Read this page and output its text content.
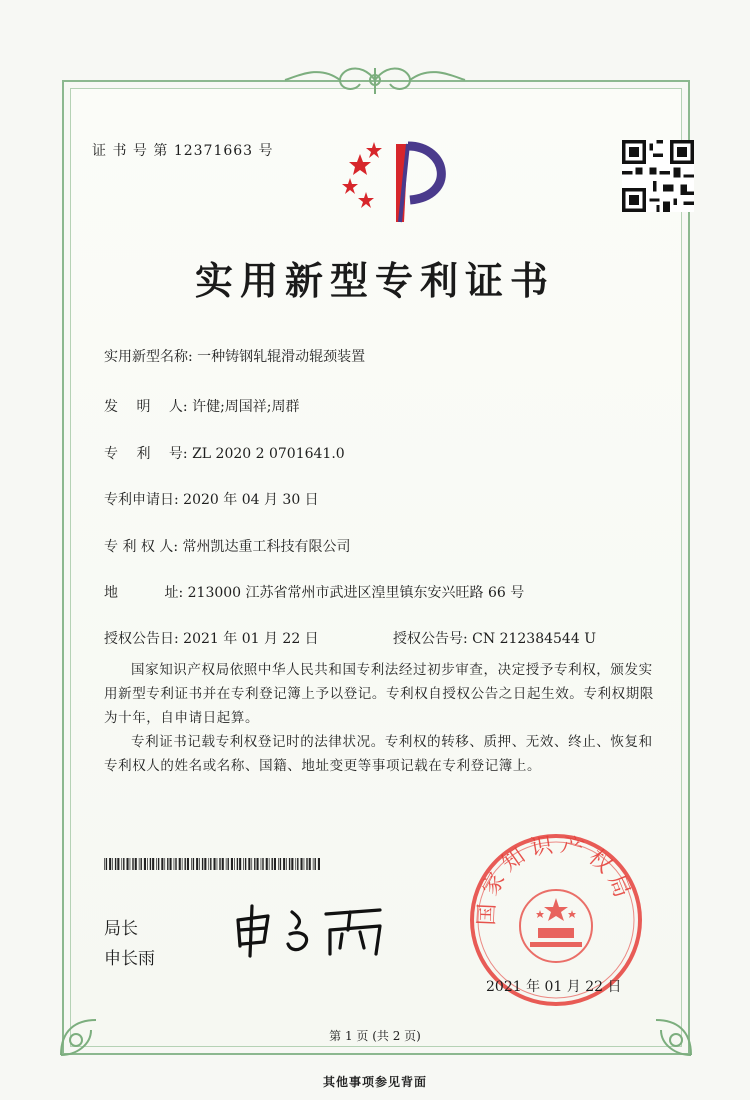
证 书 号 第 12371663 号
实用新型专利证书
实用新型名称: 一种铸钢轧辊滑动辊颈装置
发　 明　 人: 许健;周国祥;周群
专　 利　 号: ZL 2020 2 0701641.0
专利申请日: 2020 年 04 月 30 日
专 利 权 人: 常州凯达重工科技有限公司
地　　　 址: 213000 江苏省常州市武进区湟里镇东安兴旺路 66 号
授权公告日: 2021 年 01 月 22 日	授权公告号: CN 212384544 U
国家知识产权局依照中华人民共和国专利法经过初步审查，决定授予专利权，颁发实用新型专利证书并在专利登记簿上予以登记。专利权自授权公告之日起生效。专利权期限为十年，自申请日起算。
专利证书记载专利权登记时的法律状况。专利权的转移、质押、无效、终止、恢复和专利权人的姓名或名称、国籍、地址变更等事项记载在专利登记簿上。
局长
申长雨
国家知识产权局
2021 年 01 月 22 日
第 1 页 (共 2 页)
其他事项参见背面
